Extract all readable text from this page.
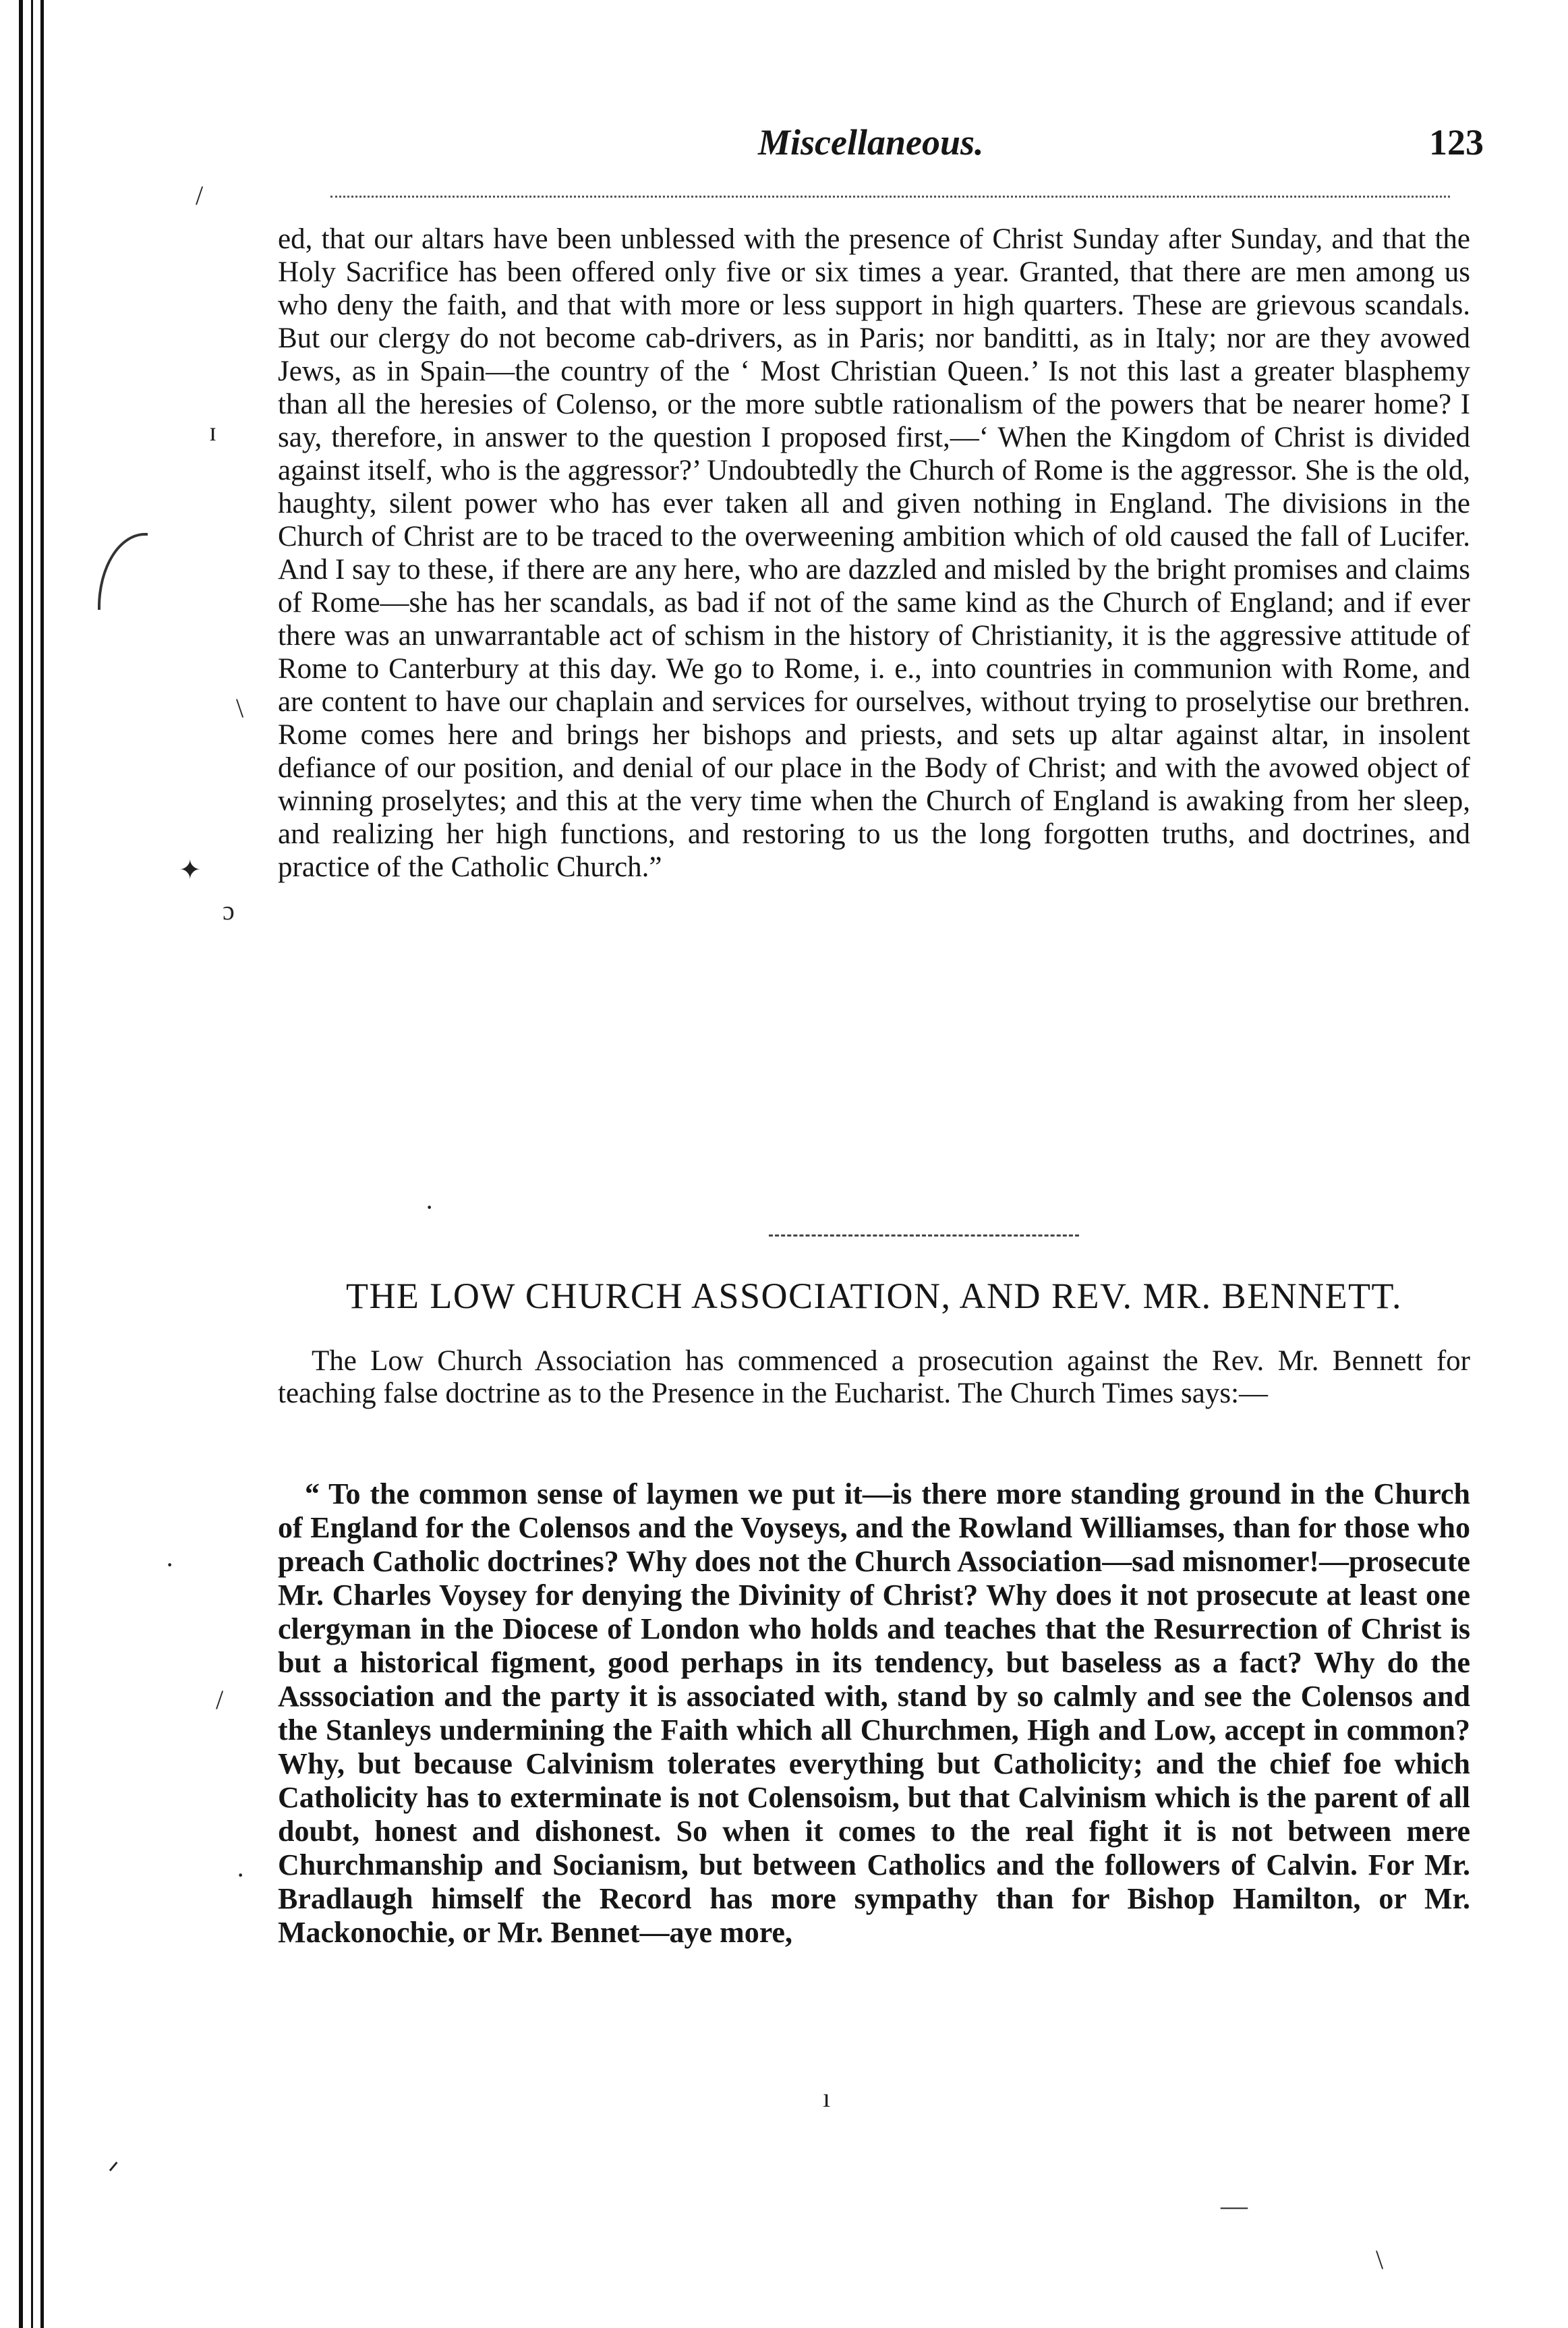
Miscellaneous.	123

ed, that our altars have been unblessed with the presence of Christ Sunday after Sunday, and that the Holy Sacrifice has been offered only five or six times a year. Granted, that there are men among us who deny the faith, and that with more or less support in high quarters. These are grievous scandals. But our clergy do not become cab-drivers, as in Paris; nor banditti, as in Italy; nor are they avowed Jews, as in Spain—the country of the ‘ Most Christian Queen.’ Is not this last a greater blasphemy than all the heresies of Colenso, or the more subtle rationalism of the powers that be nearer home? I say, therefore, in answer to the question I proposed first,—‘ When the Kingdom of Christ is divided against itself, who is the aggressor?’ Undoubtedly the Church of Rome is the aggressor. She is the old, haughty, silent power who has ever taken all and given nothing in England. The divisions in the Church of Christ are to be traced to the overweening ambition which of old caused the fall of Lucifer. And I say to these, if there are any here, who are dazzled and misled by the bright promises and claims of Rome—she has her scandals, as bad if not of the same kind as the Church of England; and if ever there was an unwarrantable act of schism in the history of Christianity, it is the aggressive attitude of Rome to Canterbury at this day. We go to Rome, i. e., into countries in communion with Rome, and are content to have our chaplain and services for ourselves, without trying to proselytise our brethren. Rome comes here and brings her bishops and priests, and sets up altar against altar, in insolent defiance of our position, and denial of our place in the Body of Christ; and with the avowed object of winning proselytes; and this at the very time when the Church of England is awaking from her sleep, and realizing her high functions, and restoring to us the long forgotten truths, and doctrines, and practice of the Catholic Church.”

THE LOW CHURCH ASSOCIATION, AND REV. MR. BENNETT.

The Low Church Association has commenced a prosecution against the Rev. Mr. Bennett for teaching false doctrine as to the Presence in the Eucharist. The Church Times says:—

“ To the common sense of laymen we put it—is there more standing ground in the Church of England for the Colensos and the Voyseys, and the Rowland Williamses, than for those who preach Catholic doctrines? Why does not the Church Association—sad misnomer!—prosecute Mr. Charles Voysey for denying the Divinity of Christ? Why does it not prosecute at least one clergyman in the Diocese of London who holds and teaches that the Resurrection of Christ is but a historical figment, good perhaps in its tendency, but baseless as a fact? Why do the Asssociation and the party it is associated with, stand by so calmly and see the Colensos and the Stanleys undermining the Faith which all Churchmen, High and Low, accept in common? Why, but because Calvinism tolerates everything but Catholicity; and the chief foe which Catholicity has to exterminate is not Colensoism, but that Calvinism which is the parent of all doubt, honest and dishonest. So when it comes to the real fight it is not between mere Churchmanship and Socianism, but between Catholics and the followers of Calvin. For Mr. Bradlaugh himself the Record has more sympathy than for Bishop Hamilton, or Mr. Mackonochie, or Mr. Bennet—aye more,

/
ɪ
\
✦
ɔ
·
·
/
·
ᐟ
ı
—
\
